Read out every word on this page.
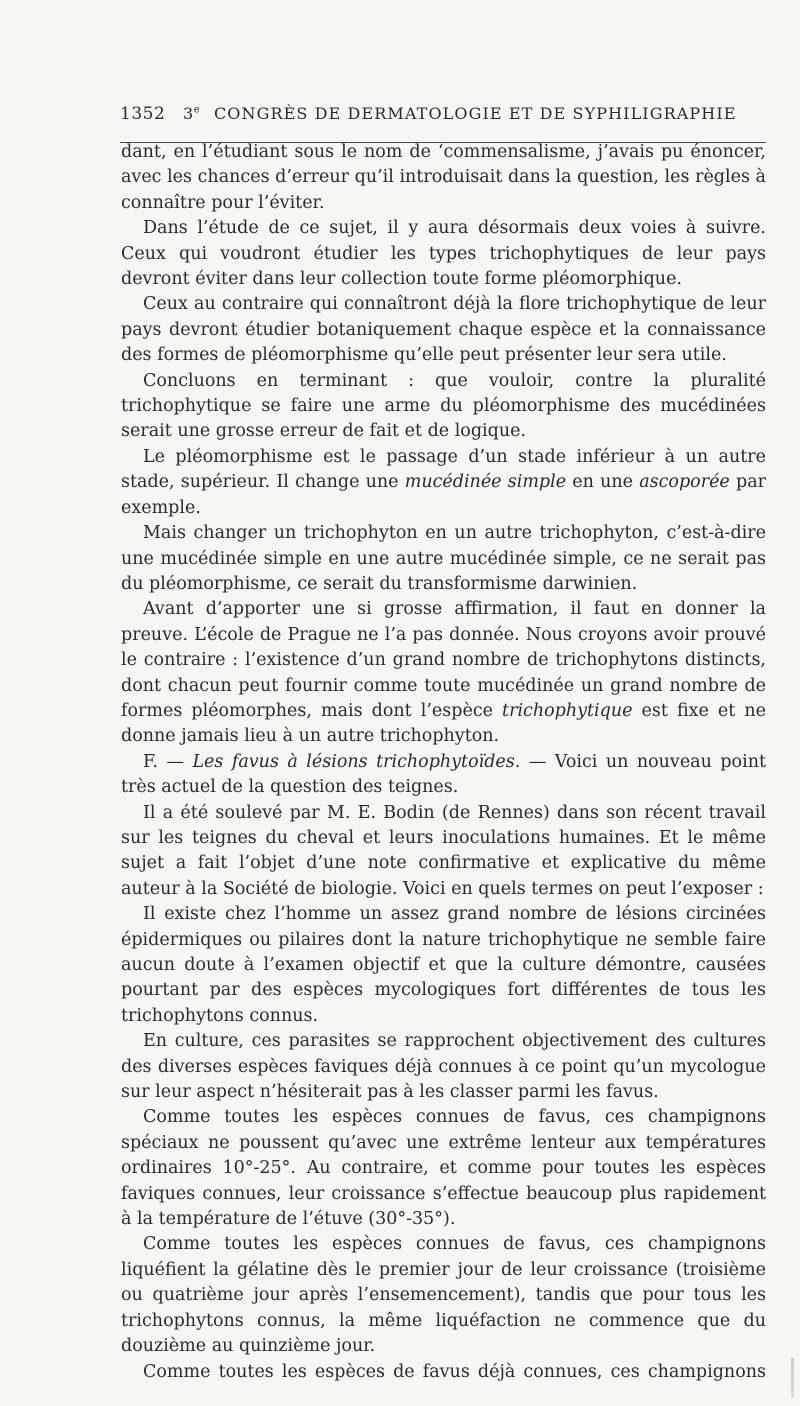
1352 3e CONGRÈS DE DERMATOLOGIE ET DE SYPHILIGRAPHIE

dant, en l’étudiant sous le nom de ‘commensalisme, j’avais pu énoncer, avec les chances d’erreur qu’il introduisait dans la question, les règles à connaître pour l’éviter.

Dans l’étude de ce sujet, il y aura désormais deux voies à suivre. Ceux qui voudront étudier les types trichophytiques de leur pays devront éviter dans leur collection toute forme pléomorphique.

Ceux au contraire qui connaîtront déjà la flore trichophytique de leur pays devront étudier botaniquement chaque espèce et la connaissance des formes de pléomorphisme qu’elle peut présenter leur sera utile.

Concluons en terminant : que vouloir, contre la pluralité trichophytique se faire une arme du pléomorphisme des mucédinées serait une grosse erreur de fait et de logique.

Le pléomorphisme est le passage d’un stade inférieur à un autre stade, supérieur. Il change une mucédinée simple en une ascoporée par exemple.

Mais changer un trichophyton en un autre trichophyton, c’est-à-dire une mucédinée simple en une autre mucédinée simple, ce ne serait pas du pléomorphisme, ce serait du transformisme darwinien.

Avant d’apporter une si grosse affirmation, il faut en donner la preuve. L’école de Prague ne l’a pas donnée. Nous croyons avoir prouvé le contraire : l’existence d’un grand nombre de trichophytons distincts, dont chacun peut fournir comme toute mucédinée un grand nombre de formes pléomorphes, mais dont l’espèce trichophytique est fixe et ne donne jamais lieu à un autre trichophyton.

F. — Les favus à lésions trichophytoïdes. — Voici un nouveau point très actuel de la question des teignes.

Il a été soulevé par M. E. Bodin (de Rennes) dans son récent travail sur les teignes du cheval et leurs inoculations humaines. Et le même sujet a fait l’objet d’une note confirmative et explicative du même auteur à la Société de biologie. Voici en quels termes on peut l’exposer :

Il existe chez l’homme un assez grand nombre de lésions circinées épidermiques ou pilaires dont la nature trichophytique ne semble faire aucun doute à l’examen objectif et que la culture démontre, causées pourtant par des espèces mycologiques fort différentes de tous les trichophytons connus.

En culture, ces parasites se rapprochent objectivement des cultures des diverses espèces faviques déjà connues à ce point qu’un mycologue sur leur aspect n’hésiterait pas à les classer parmi les favus.

Comme toutes les espèces connues de favus, ces champignons spéciaux ne poussent qu’avec une extrême lenteur aux températures ordinaires 10°-25°. Au contraire, et comme pour toutes les espèces faviques connues, leur croissance s’effectue beaucoup plus rapidement à la température de l’étuve (30°-35°).

Comme toutes les espèces connues de favus, ces champignons liquéfient la gélatine dès le premier jour de leur croissance (troisième ou quatrième jour après l’ensemencement), tandis que pour tous les trichophytons connus, la même liquéfaction ne commence que du douzième au quinzième jour.

Comme toutes les espèces de favus déjà connues, ces champignons
